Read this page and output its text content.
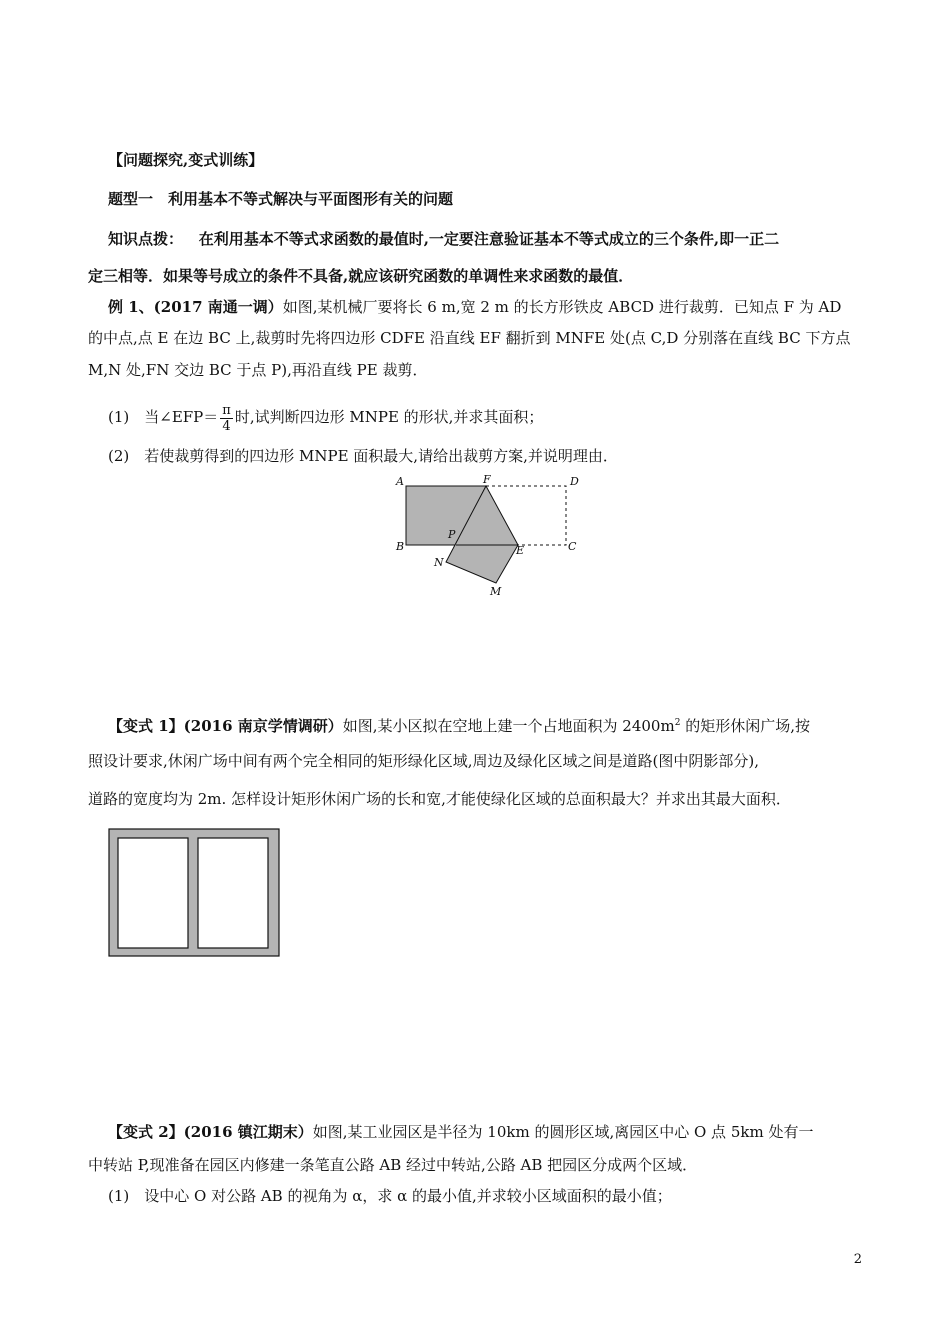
【问题探究,变式训练】
题型一　利用基本不等式解决与平面图形有关的问题
知识点拨： 在利用基本不等式求函数的最值时,一定要注意验证基本不等式成立的三个条件,即一正二
定三相等．如果等号成立的条件不具备,就应该研究函数的单调性来求函数的最值．
例 1、(2017 南通一调）如图,某机械厂要将长 6 m,宽 2 m 的长方形铁皮 ABCD 进行裁剪．已知点 F 为 AD
的中点,点 E 在边 BC 上,裁剪时先将四边形 CDFE 沿直线 EF 翻折到 MNFE 处(点 C,D 分别落在直线 BC 下方点
M,N 处,FN 交边 BC 于点 P),再沿直线 PE 裁剪．
(1)　当∠EFP＝ $\frac{\pi}{4}$ 时,试判断四边形 MNPE 的形状,并求其面积；
(2)　若使裁剪得到的四边形 MNPE 面积最大,请给出裁剪方案,并说明理由．
A	F	D
B
P
E	C
N
M
【变式 1】(2016 南京学情调研）如图,某小区拟在空地上建一个占地面积为 $2400m^2$ 的矩形休闲广场,按
照设计要求,休闲广场中间有两个完全相同的矩形绿化区域,周边及绿化区域之间是道路(图中阴影部分),
道路的宽度均为 2m. 怎样设计矩形休闲广场的长和宽,才能使绿化区域的总面积最大？并求出其最大面积．
【变式 2】(2016 镇江期末）如图,某工业园区是半径为 10km 的圆形区域,离园区中心 O 点 5km 处有一
中转站 P,现准备在园区内修建一条笔直公路 AB 经过中转站,公路 AB 把园区分成两个区域．
(1)　设中心 O 对公路 AB 的视角为 α，求 α 的最小值,并求较小区域面积的最小值；
2
